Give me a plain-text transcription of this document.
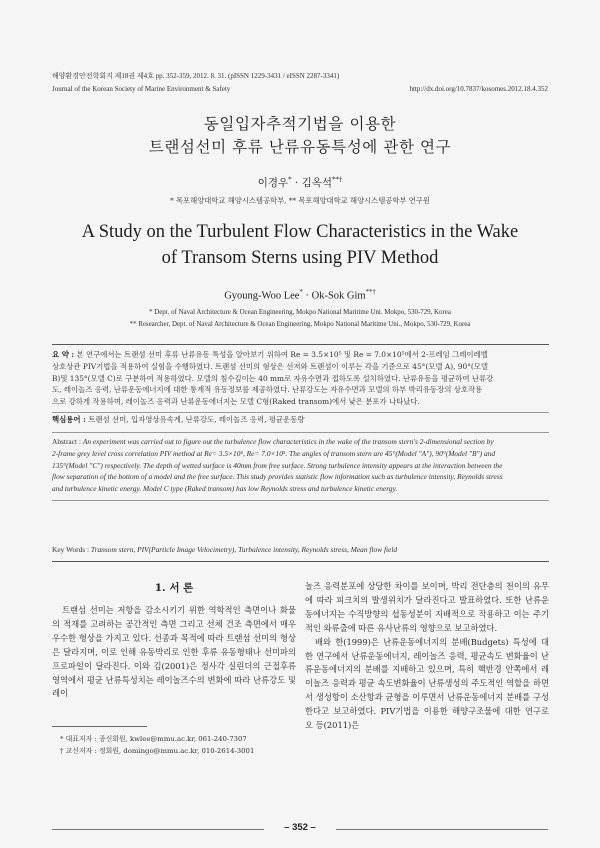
해양환경안전학회지 제18권 제4호 pp. 352-359, 2012. 8. 31. (pISSN 1229-3431 / eISSN 2287-3341)
Journal of the Korean Society of Marine Environment & Safety	http://dx.doi.org/10.7837/kosomes.2012.18.4.352
동일입자추적기법을 이용한
트랜섬선미 후류 난류유동특성에 관한 연구
이경우* · 김옥석**†
* 목포해양대학교 해양시스템공학부, ** 목포해양대학교 해양시스템공학부 연구원
A Study on the Turbulent Flow Characteristics in the Wake
of Transom Sterns using PIV Method
Gyoung-Woo Lee* · Ok-Sok Gim**†
* Dept. of Naval Architecture & Ocean Engineering, Mokpo National Maritime Uni. Mokpo, 530-729, Korea
** Researcher, Dept. of Naval Architecture & Ocean Engineering, Mokpo National Maritime Uni., Mokpo, 530-729, Korea
요 약 : 본 연구에서는 트랜섬 선미 후류 난류유동 특성을 알아보기 위하여 Re = 3.5×10⁵ 및 Re = 7.0×10⁵에서 2-프레임 그레이레벨
상호상관 PIV기법을 적용하여 실험을 수행하였다. 트랜섬 선미의 형상은 선저와 트랜섬이 이루는 각을 기준으로 45°(모델 A), 90°(모델
B)및 135°(모델 C)로 구분하여 적용하였다. 모델의 침수깊이는 40 mm로 자유수면과 접하도록 설치하였다. 난류유동을 평균하여 난류강
도, 레이놀즈 응력, 난류운동에너지에 대한 통계적 유동정보를 제공하였다. 난류강도는 자유수면과 모델의 하부 박리유동장의 상호작용
으로 강하게 작용하며, 레이놀즈 응력과 난류운동에너지는 모델 C형(Raked transom)에서 낮은 분포가 나타났다.
핵심용어 : 트랜섬 선미, 입자영상유속계, 난류강도, 레이놀즈 응력, 평균운동량
Abstract : An experiment was carried out to figure out the turbulence flow characteristics in the wake of the transom stern's 2-dimensional section by
2-frame grey level cross correlation PIV method at Re= 3.5×10⁵, Re= 7.0×10⁵. The angles of transom stern are 45°(Model "A"), 90°(Model "B") and
135°(Model "C") respectively. The depth of wetted surface is 40mm from free surface. Strong turbulence intensity appears at the interaction between the
flow separation of the bottom of a model and the free surface. This study provides statistic flow information such as turbulence intensity, Reynolds stress
and turbulence kinetic energy. Model C type (Raked transom) has low Reynolds stress and turbulence kinetic energy.
Key Words : Transom stern, PIV(Particle Image Velocimetry), Turbulence intensity, Reynolds stress, Mean flow field
1. 서 론

트랜섬 선미는 저항을 감소시키기 위한 역학적인 측면이나 화물의 적재를 고려하는 공간적인 측면 그리고 선체 건조 측면에서 매우 우수한 형상을 가지고 있다. 선종과 목적에 따라 트랜섬 선미의 형상은 달라지며, 이로 인해 유동박리로 인한 후류 유동형태나 선미파의 프로파일이 달라진다. 이와 김(2001)은 정사각 실린더의 근접후류 영역에서 평균 난류특성치는 레이놀즈수의 변화에 따라 난류강도 및 레이

놀즈 응력분포에 상당한 차이를 보이며, 박리 전단층의 천이의 유무에 따라 피크치의 발생위치가 달라진다고 발표하였다. 또한 난류운동에너지는 수직방향의 섭동성분이 지배적으로 작용하고 이는 주기적인 와류출에 따른 유사난류의 영향으로 보고하였다.

배와 한(1999)은 난류운동에너지의 분배(Budgets) 특성에 대한 연구에서 난류운동에너지, 레이놀즈 응력, 평균속도 변화율이 난류운동에너지의 분배를 지배하고 있으며, 특히 핵반경 안쪽에서 레이놀즈 응력과 평균 속도변화율이 난류생성의 주도적인 역할을 하면서 생성항이 소산항과 균형을 이루면서 난류운동에너지 분배를 구성한다고 보고하였다. PIV기법을 이용한 해양구조물에 대한 연구로 오 등(2011)은

* 대표저자 : 종신회원, kwlee@mmu.ac.kr, 061-240-7307
† 교신저자 : 정회원, domingo@mmu.ac.kr, 010-2614-3001
– 352 –
